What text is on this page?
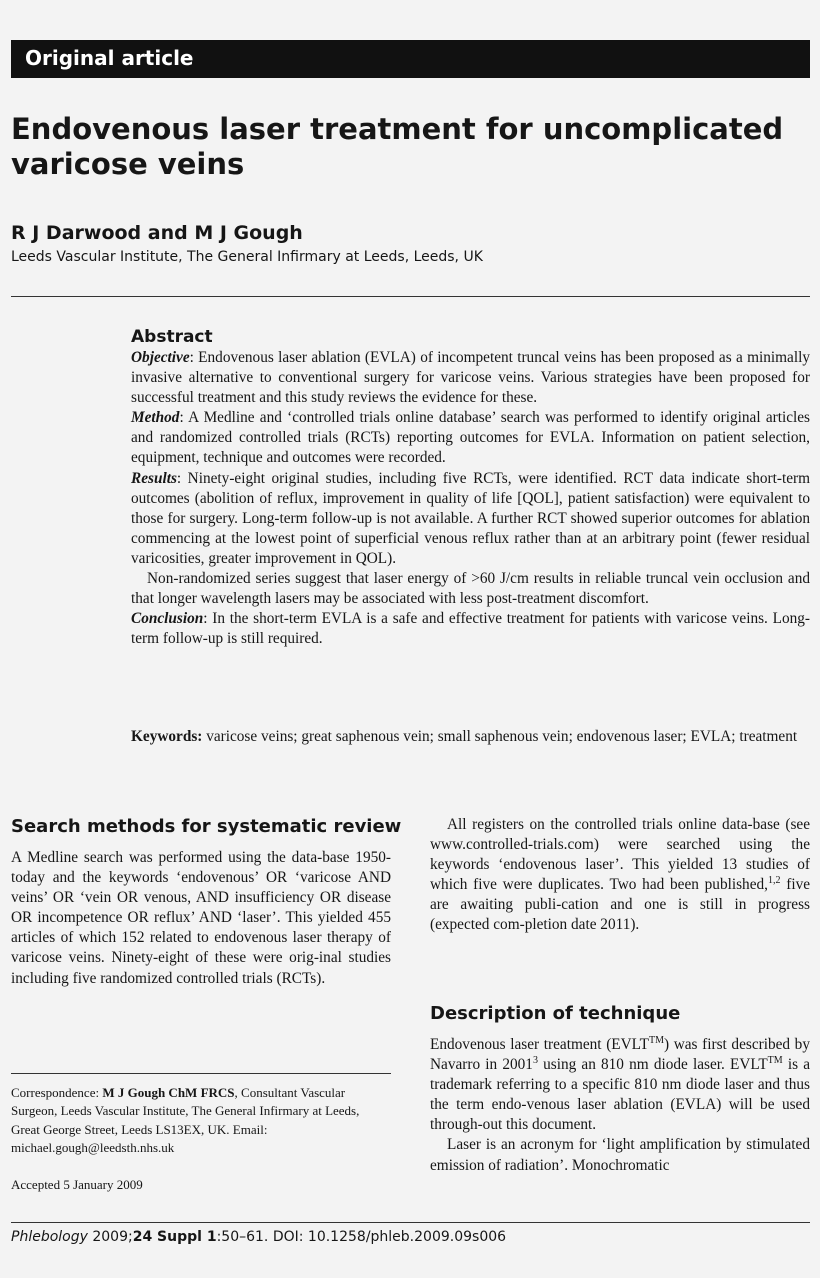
Original article
Endovenous laser treatment for uncomplicated varicose veins
R J Darwood and M J Gough
Leeds Vascular Institute, The General Infirmary at Leeds, Leeds, UK
Abstract

Objective: Endovenous laser ablation (EVLA) of incompetent truncal veins has been proposed as a minimally invasive alternative to conventional surgery for varicose veins. Various strategies have been proposed for successful treatment and this study reviews the evidence for these.

Method: A Medline and ‘controlled trials online database’ search was performed to identify original articles and randomized controlled trials (RCTs) reporting outcomes for EVLA. Information on patient selection, equipment, technique and outcomes were recorded.

Results: Ninety-eight original studies, including five RCTs, were identified. RCT data indicate short-term outcomes (abolition of reflux, improvement in quality of life [QOL], patient satisfaction) were equivalent to those for surgery. Long-term follow-up is not available. A further RCT showed superior outcomes for ablation commencing at the lowest point of superficial venous reflux rather than at an arbitrary point (fewer residual varicosities, greater improvement in QOL).

Non-randomized series suggest that laser energy of >60 J/cm results in reliable truncal vein occlusion and that longer wavelength lasers may be associated with less post-treatment discomfort.

Conclusion: In the short-term EVLA is a safe and effective treatment for patients with varicose veins. Long-term follow-up is still required.

Keywords: varicose veins; great saphenous vein; small saphenous vein; endovenous laser; EVLA; treatment
Search methods for systematic review

A Medline search was performed using the data-base 1950-today and the keywords ‘endovenous’ OR ‘varicose AND veins’ OR ‘vein OR venous, AND insufficiency OR disease OR incompetence OR reflux’ AND ‘laser’. This yielded 455 articles of which 152 related to endovenous laser therapy of varicose veins. Ninety-eight of these were orig-inal studies including five randomized controlled trials (RCTs).

Correspondence: M J Gough ChM FRCS, Consultant Vascular Surgeon, Leeds Vascular Institute, The General Infirmary at Leeds, Great George Street, Leeds LS13EX, UK. Email: michael.gough@leedsth.nhs.uk
Accepted 5 January 2009

All registers on the controlled trials online data-base (see www.controlled-trials.com) were searched using the keywords ‘endovenous laser’. This yielded 13 studies of which five were duplicates. Two had been published,$^{1,2}$ five are awaiting publi-cation and one is still in progress (expected com-pletion date 2011).

Description of technique

Endovenous laser treatment (EVLT™) was first described by Navarro in 2001$^3$ using an 810 nm diode laser. EVLT™ is a trademark referring to a specific 810 nm diode laser and thus the term endo-venous laser ablation (EVLA) will be used through-out this document.

Laser is an acronym for ‘light amplification by stimulated emission of radiation’. Monochromatic

Phlebology 2009;24 Suppl 1:50–61. DOI: 10.1258/phleb.2009.09s006
